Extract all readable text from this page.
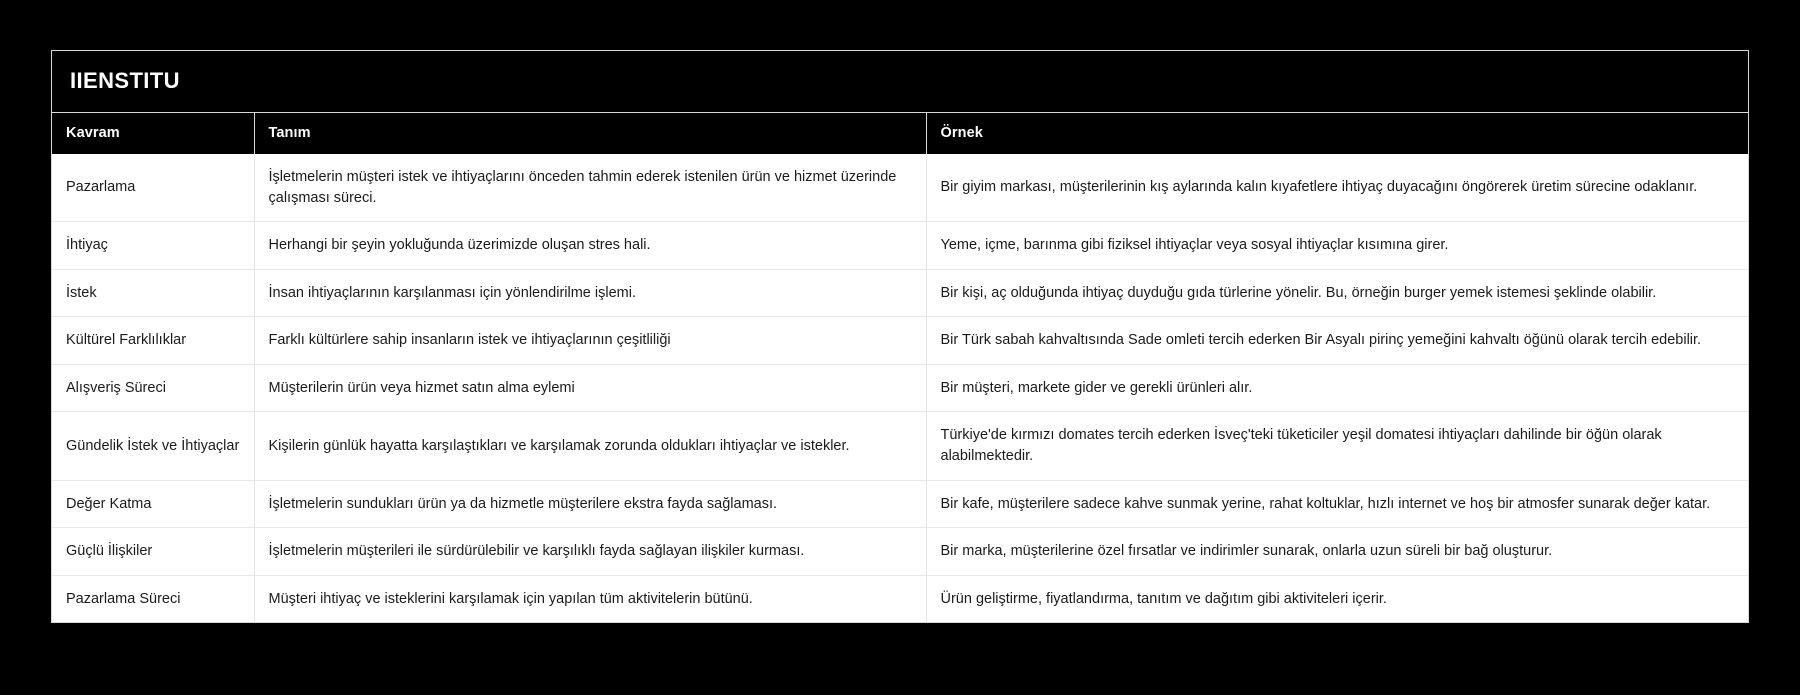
IIENSTITU
Kavram	Tanım	Örnek
Pazarlama	İşletmelerin müşteri istek ve ihtiyaçlarını önceden tahmin ederek istenilen ürün ve hizmet üzerinde çalışması süreci.	Bir giyim markası, müşterilerinin kış aylarında kalın kıyafetlere ihtiyaç duyacağını öngörerek üretim sürecine odaklanır.
İhtiyaç	Herhangi bir şeyin yokluğunda üzerimizde oluşan stres hali.	Yeme, içme, barınma gibi fiziksel ihtiyaçlar veya sosyal ihtiyaçlar kısımına girer.
İstek	İnsan ihtiyaçlarının karşılanması için yönlendirilme işlemi.	Bir kişi, aç olduğunda ihtiyaç duyduğu gıda türlerine yönelir. Bu, örneğin burger yemek istemesi şeklinde olabilir.
Kültürel Farklılıklar	Farklı kültürlere sahip insanların istek ve ihtiyaçlarının çeşitliliği	Bir Türk sabah kahvaltısında Sade omleti tercih ederken Bir Asyalı pirinç yemeğini kahvaltı öğünü olarak tercih edebilir.
Alışveriş Süreci	Müşterilerin ürün veya hizmet satın alma eylemi	Bir müşteri, markete gider ve gerekli ürünleri alır.
Gündelik İstek ve İhtiyaçlar	Kişilerin günlük hayatta karşılaştıkları ve karşılamak zorunda oldukları ihtiyaçlar ve istekler.	Türkiye'de kırmızı domates tercih ederken İsveç'teki tüketiciler yeşil domatesi ihtiyaçları dahilinde bir öğün olarak alabilmektedir.
Değer Katma	İşletmelerin sundukları ürün ya da hizmetle müşterilere ekstra fayda sağlaması.	Bir kafe, müşterilere sadece kahve sunmak yerine, rahat koltuklar, hızlı internet ve hoş bir atmosfer sunarak değer katar.
Güçlü İlişkiler	İşletmelerin müşterileri ile sürdürülebilir ve karşılıklı fayda sağlayan ilişkiler kurması.	Bir marka, müşterilerine özel fırsatlar ve indirimler sunarak, onlarla uzun süreli bir bağ oluşturur.
Pazarlama Süreci	Müşteri ihtiyaç ve isteklerini karşılamak için yapılan tüm aktivitelerin bütünü.	Ürün geliştirme, fiyatlandırma, tanıtım ve dağıtım gibi aktiviteleri içerir.
